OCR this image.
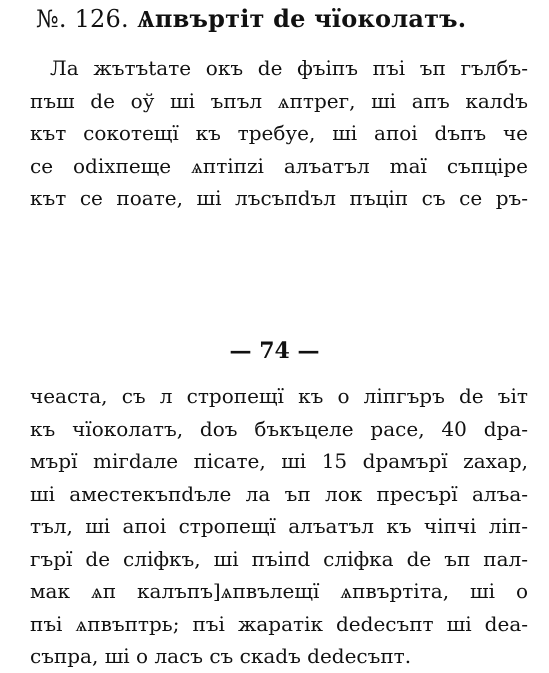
№. 126. Ѧпвъртiт de чїоколатъ.
Ла жътъtате окъ de фъiпъ пъi ъп гълбъ-
пъш de oў шi ъпъл ѧптрег, шi апъ калdъ
кът сокотещї къ требуе, шi апоi dъпъ че
се odixпеще ѧптiпzi алъатъл maї съпцiре
кът се поате, шi лъсъпdъл пъцiп съ се ръ-
— 74 —
чеаста, съ л стропещї къ о лiпгъръ de ъiт
къ чїоколатъ, doъ бъкъцеле расе, 40 dра-
мърї miгdале пiсате, шi 15 dрамърї zахар,
шi аместекъпdъле ла ъп лок пресърї алъа-
тъл, шi апоi стропещї алъатъл къ чiпчi лiп-
гърї de слiфкъ, шi пъiпd слiфка de ъп пал-
мак ѧп калъпъ]ѧпвълещї ѧпвъртiта, шi о
пъi ѧпвъптрь; пъi жаратiк dedeсъпт шi dea-
съпра, шi о ласъ съ скаdъ dedeсъпт.
